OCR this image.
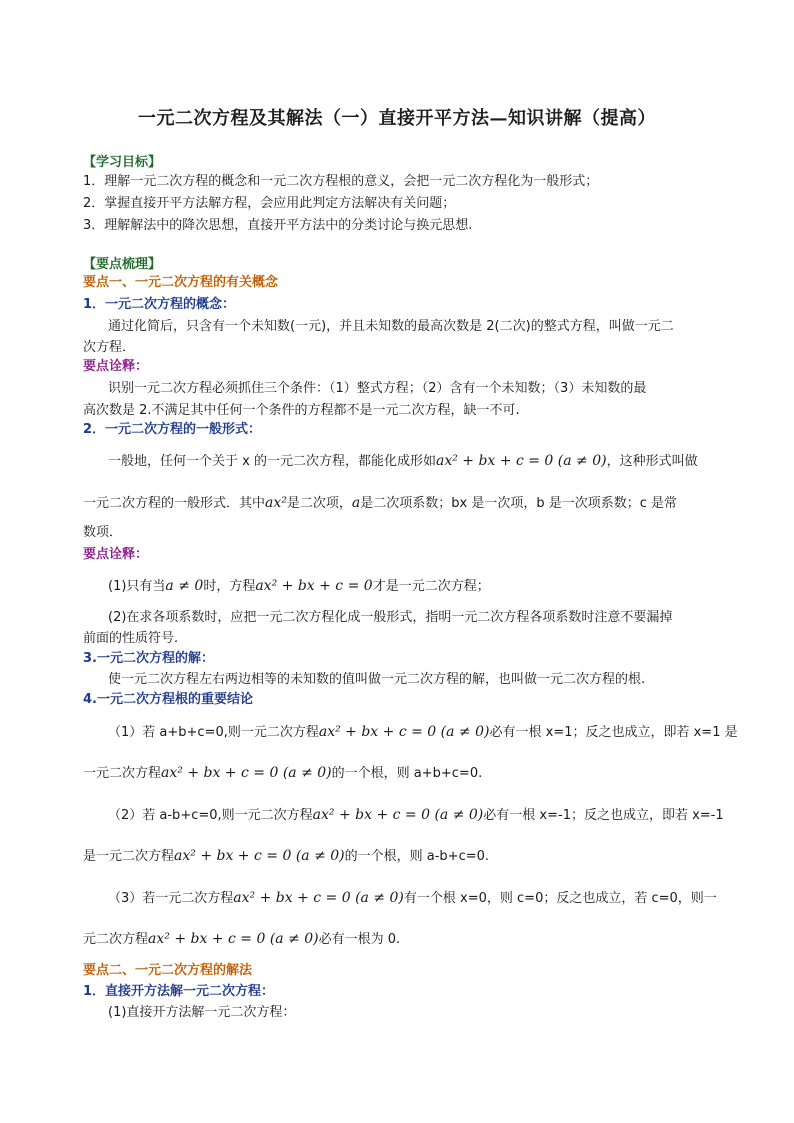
一元二次方程及其解法（一）直接开平方法—知识讲解（提高）
【学习目标】
1．理解一元二次方程的概念和一元二次方程根的意义，会把一元二次方程化为一般形式；
2．掌握直接开平方法解方程，会应用此判定方法解决有关问题；
3．理解解法中的降次思想，直接开平方法中的分类讨论与换元思想.
【要点梳理】
要点一、一元二次方程的有关概念
1．一元二次方程的概念：
通过化简后，只含有一个未知数(一元)，并且未知数的最高次数是 2(二次)的整式方程，叫做一元二
次方程．
要点诠释：
识别一元二次方程必须抓住三个条件：（1）整式方程；（2）含有一个未知数；（3）未知数的最
高次数是 2.不满足其中任何一个条件的方程都不是一元二次方程，缺一不可.
2．一元二次方程的一般形式：
一般地，任何一个关于 x 的一元二次方程，都能化成形如ax² + bx + c = 0 (a ≠ 0)，这种形式叫做
一元二次方程的一般形式．其中ax²是二次项，a是二次项系数；bx 是一次项，b 是一次项系数；c 是常
数项．
要点诠释：
(1)只有当a ≠ 0时，方程ax² + bx + c = 0才是一元二次方程；
(2)在求各项系数时，应把一元二次方程化成一般形式，指明一元二次方程各项系数时注意不要漏掉
前面的性质符号.
3.一元二次方程的解：
使一元二次方程左右两边相等的未知数的值叫做一元二次方程的解，也叫做一元二次方程的根.
4.一元二次方程根的重要结论
（1）若 a+b+c=0,则一元二次方程ax² + bx + c = 0 (a ≠ 0)必有一根 x=1；反之也成立，即若 x=1 是
一元二次方程ax² + bx + c = 0 (a ≠ 0)的一个根，则 a+b+c=0.
（2）若 a-b+c=0,则一元二次方程ax² + bx + c = 0 (a ≠ 0)必有一根 x=-1；反之也成立，即若 x=-1
是一元二次方程ax² + bx + c = 0 (a ≠ 0)的一个根，则 a-b+c=0.
（3）若一元二次方程ax² + bx + c = 0 (a ≠ 0)有一个根 x=0，则 c=0；反之也成立，若 c=0，则一
元二次方程ax² + bx + c = 0 (a ≠ 0)必有一根为 0.
要点二、一元二次方程的解法
1．直接开方法解一元二次方程：
(1)直接开方法解一元二次方程：
